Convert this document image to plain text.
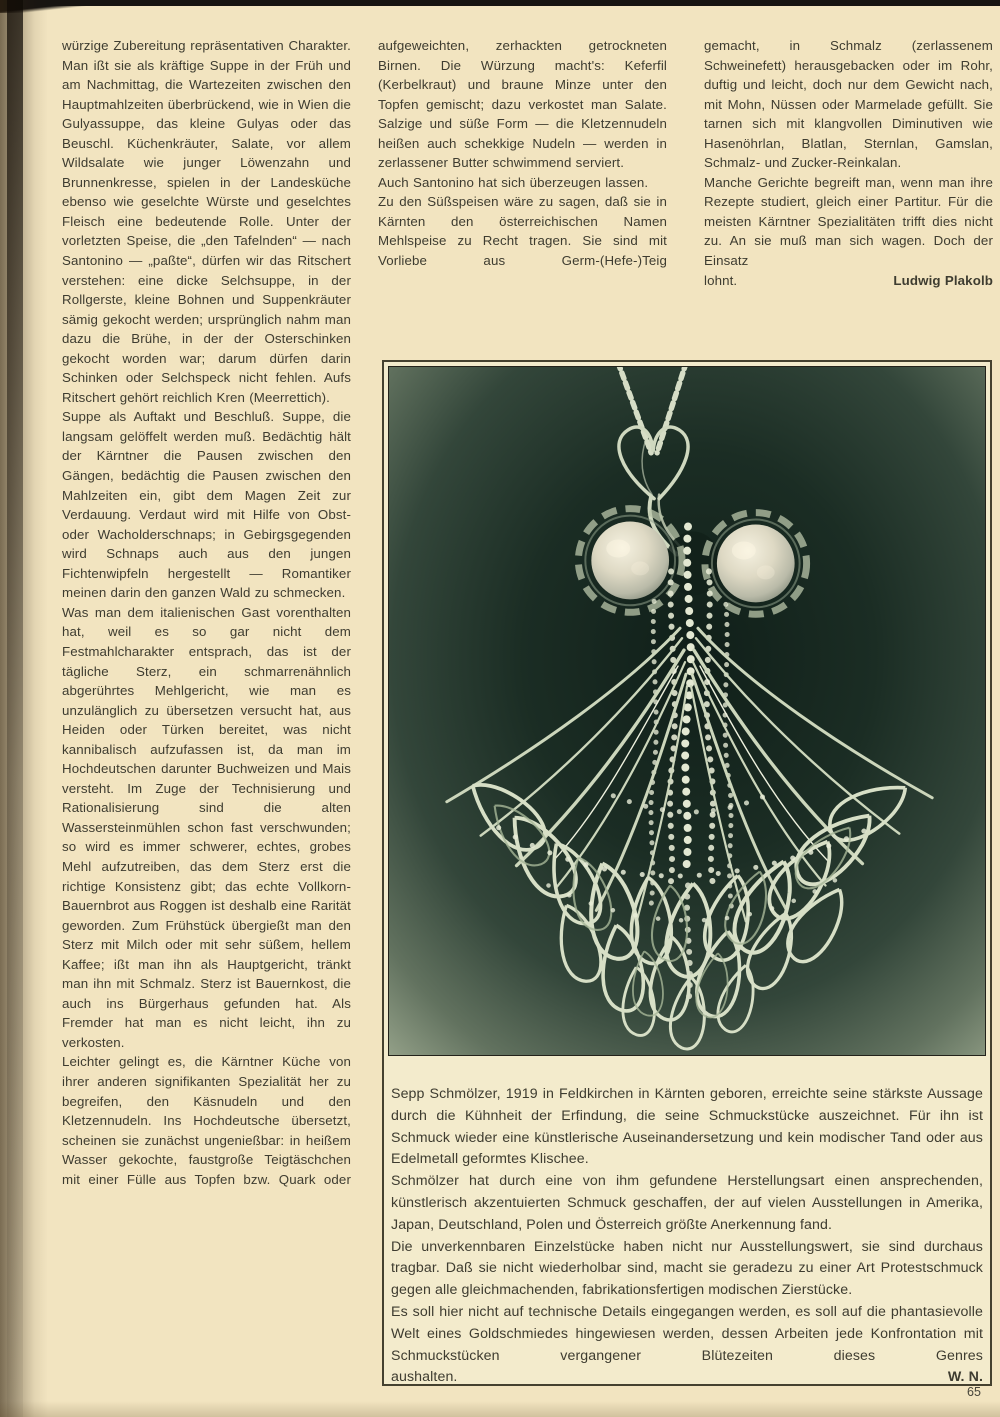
würzige Zubereitung repräsentativen Charakter. Man ißt sie als kräftige Suppe in der Früh und am Nachmittag, die Wartezeiten zwischen den Hauptmahlzeiten überbrückend, wie in Wien die Gulyassuppe, das kleine Gulyas oder das Beuschl. Küchenkräuter, Salate, vor allem Wildsalate wie junger Löwenzahn und Brunnenkresse, spielen in der Landesküche ebenso wie geselchte Würste und geselchtes Fleisch eine bedeutende Rolle. Unter der vorletzten Speise, die „den Tafelnden“ — nach Santonino — „paßte“, dürfen wir das Ritschert verstehen: eine dicke Selchsuppe, in der Rollgerste, kleine Bohnen und Suppenkräuter sämig gekocht werden; ursprünglich nahm man dazu die Brühe, in der der Osterschinken gekocht worden war; darum dürfen darin Schinken oder Selchspeck nicht fehlen. Aufs Ritschert gehört reichlich Kren (Meerrettich).

Suppe als Auftakt und Beschluß. Suppe, die langsam gelöffelt werden muß. Bedächtig hält der Kärntner die Pausen zwischen den Gängen, bedächtig die Pausen zwischen den Mahlzeiten ein, gibt dem Magen Zeit zur Verdauung. Verdaut wird mit Hilfe von Obst- oder Wacholderschnaps; in Gebirgsgegenden wird Schnaps auch aus den jungen Fichtenwipfeln hergestellt — Romantiker meinen darin den ganzen Wald zu schmecken.

Was man dem italienischen Gast vorenthalten hat, weil es so gar nicht dem Festmahlcharakter entsprach, das ist der tägliche Sterz, ein schmarrenähnlich abgerührtes Mehlgericht, wie man es unzulänglich zu übersetzen versucht hat, aus Heiden oder Türken bereitet, was nicht kannibalisch aufzufassen ist, da man im Hochdeutschen darunter Buchweizen und Mais versteht. Im Zuge der Technisierung und Rationalisierung sind die alten Wassersteinmühlen schon fast verschwunden; so wird es immer schwerer, echtes, grobes Mehl aufzutreiben, das dem Sterz erst die richtige Konsistenz gibt; das echte Vollkorn-Bauernbrot aus Roggen ist deshalb eine Rarität geworden. Zum Frühstück übergießt man den Sterz mit Milch oder mit sehr süßem, hellem Kaffee; ißt man ihn als Hauptgericht, tränkt man ihn mit Schmalz. Sterz ist Bauernkost, die auch ins Bürgerhaus gefunden hat. Als Fremder hat man es nicht leicht, ihn zu verkosten.

Leichter gelingt es, die Kärntner Küche von ihrer anderen signifikanten Spezialität her zu begreifen, den Käsnudeln und den Kletzennudeln. Ins Hochdeutsche übersetzt, scheinen sie zunächst ungenießbar: in heißem Wasser gekochte, faustgroße Teigtäschchen mit einer Fülle aus Topfen bzw. Quark oder

aufgeweichten, zerhackten getrockneten Birnen. Die Würzung macht's: Keferfil (Kerbelkraut) und braune Minze unter den Topfen gemischt; dazu verkostet man Salate. Salzige und süße Form — die Kletzennudeln heißen auch schekkige Nudeln — werden in zerlassener Butter schwimmend serviert.

Auch Santonino hat sich überzeugen lassen.

Zu den Süßspeisen wäre zu sagen, daß sie in Kärnten den österreichischen Namen Mehlspeise zu Recht tragen. Sie sind mit Vorliebe aus Germ-(Hefe-)Teig

gemacht, in Schmalz (zerlassenem Schweinefett) herausgebacken oder im Rohr, duftig und leicht, doch nur dem Gewicht nach, mit Mohn, Nüssen oder Marmelade gefüllt. Sie tarnen sich mit klangvollen Diminutiven wie Hasenöhrlan, Blatlan, Sternlan, Gamslan, Schmalz- und Zucker-Reinkalan.

Manche Gerichte begreift man, wenn man ihre Rezepte studiert, gleich einer Partitur. Für die meisten Kärntner Spezialitäten trifft dies nicht zu. An sie muß man sich wagen. Doch der Einsatz

lohnt.	Ludwig Plakolb

Sepp Schmölzer, 1919 in Feldkirchen in Kärnten geboren, erreichte seine stärkste Aussage durch die Kühnheit der Erfindung, die seine Schmuckstücke auszeichnet. Für ihn ist Schmuck wieder eine künstlerische Auseinandersetzung und kein modischer Tand oder aus Edelmetall geformtes Klischee.

Schmölzer hat durch eine von ihm gefundene Herstellungsart einen ansprechenden, künstlerisch akzentuierten Schmuck geschaffen, der auf vielen Ausstellungen in Amerika, Japan, Deutschland, Polen und Österreich größte Anerkennung fand.

Die unverkennbaren Einzelstücke haben nicht nur Ausstellungswert, sie sind durchaus tragbar. Daß sie nicht wiederholbar sind, macht sie geradezu zu einer Art Protestschmuck gegen alle gleichmachenden, fabrikationsfertigen modischen Zierstücke.

Es soll hier nicht auf technische Details eingegangen werden, es soll auf die phantasievolle Welt eines Goldschmiedes hingewiesen werden, dessen Arbeiten jede Konfrontation mit Schmuckstücken vergangener Blütezeiten dieses Genres

aushalten.	W. N.

65
